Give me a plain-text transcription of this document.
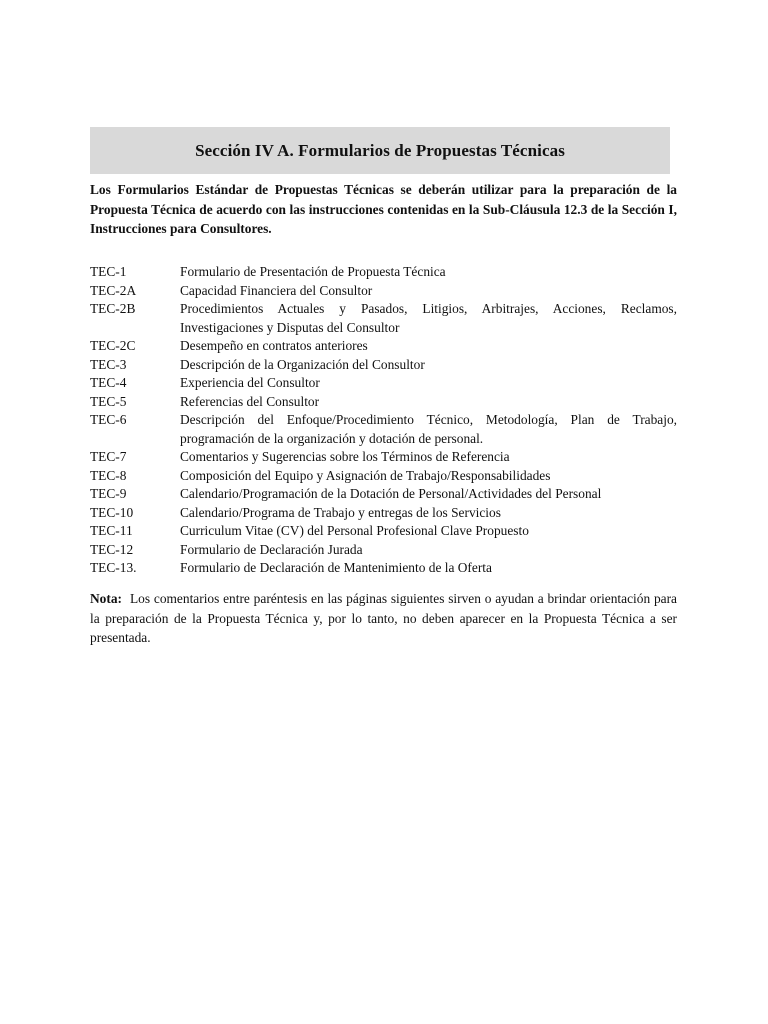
Sección IV A. Formularios de Propuestas Técnicas

Los Formularios Estándar de Propuestas Técnicas se deberán utilizar para la preparación de la Propuesta Técnica de acuerdo con las instrucciones contenidas en la Sub-Cláusula 12.3 de la Sección I, Instrucciones para Consultores.

TEC-1	Formulario de Presentación de Propuesta Técnica
TEC-2A	Capacidad Financiera del Consultor
TEC-2B	Procedimientos Actuales y Pasados, Litigios, Arbitrajes, Acciones, Reclamos, Investigaciones y Disputas del Consultor
TEC-2C	Desempeño en contratos anteriores
TEC-3	Descripción de la Organización del Consultor
TEC-4	Experiencia del Consultor
TEC-5	Referencias del Consultor
TEC-6	Descripción del Enfoque/Procedimiento Técnico, Metodología, Plan de Trabajo, programación de la organización y dotación de personal.
TEC-7	Comentarios y Sugerencias sobre los Términos de Referencia
TEC-8	Composición del Equipo y Asignación de Trabajo/Responsabilidades
TEC-9	Calendario/Programación de la Dotación de Personal/Actividades del Personal
TEC-10	Calendario/Programa de Trabajo y entregas de los Servicios
TEC-11	Curriculum Vitae (CV) del Personal Profesional Clave Propuesto
TEC-12	Formulario de Declaración Jurada
TEC-13.	Formulario de Declaración de Mantenimiento de la Oferta

Nota: Los comentarios entre paréntesis en las páginas siguientes sirven o ayudan a brindar orientación para la preparación de la Propuesta Técnica y, por lo tanto, no deben aparecer en la Propuesta Técnica a ser presentada.
